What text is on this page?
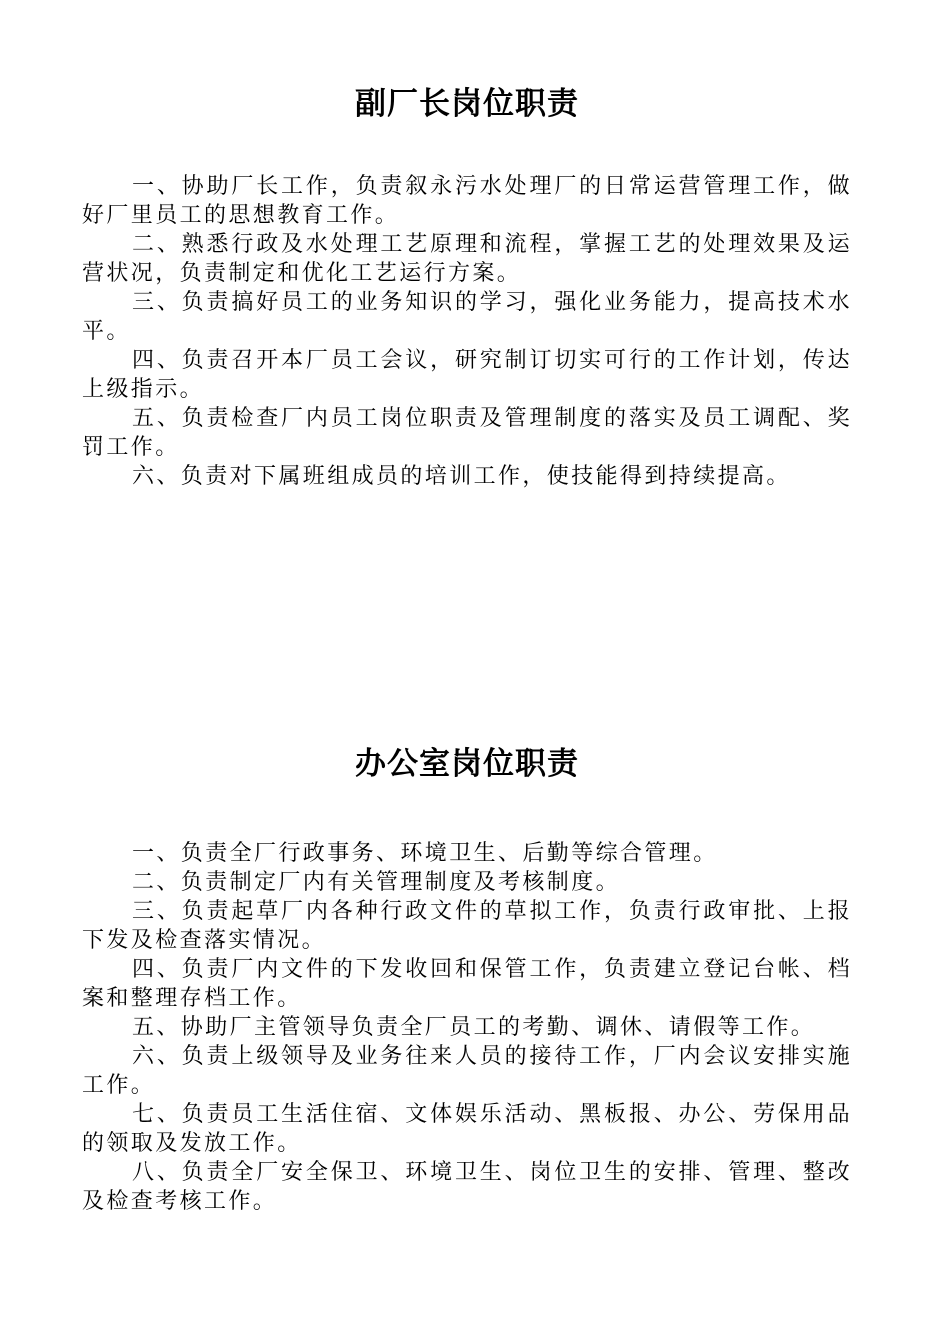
副厂长岗位职责
一、协助厂长工作，负责叙永污水处理厂的日常运营管理工作，做好厂里员工的思想教育工作。
二、熟悉行政及水处理工艺原理和流程，掌握工艺的处理效果及运营状况，负责制定和优化工艺运行方案。
三、负责搞好员工的业务知识的学习，强化业务能力，提高技术水平。
四、负责召开本厂员工会议，研究制订切实可行的工作计划，传达上级指示。
五、负责检查厂内员工岗位职责及管理制度的落实及员工调配、奖罚工作。
六、负责对下属班组成员的培训工作，使技能得到持续提高。
办公室岗位职责
一、负责全厂行政事务、环境卫生、后勤等综合管理。
二、负责制定厂内有关管理制度及考核制度。
三、负责起草厂内各种行政文件的草拟工作，负责行政审批、上报下发及检查落实情况。
四、负责厂内文件的下发收回和保管工作，负责建立登记台帐、档案和整理存档工作。
五、协助厂主管领导负责全厂员工的考勤、调休、请假等工作。
六、负责上级领导及业务往来人员的接待工作，厂内会议安排实施工作。
七、负责员工生活住宿、文体娱乐活动、黑板报、办公、劳保用品的领取及发放工作。
八、负责全厂安全保卫、环境卫生、岗位卫生的安排、管理、整改及检查考核工作。
